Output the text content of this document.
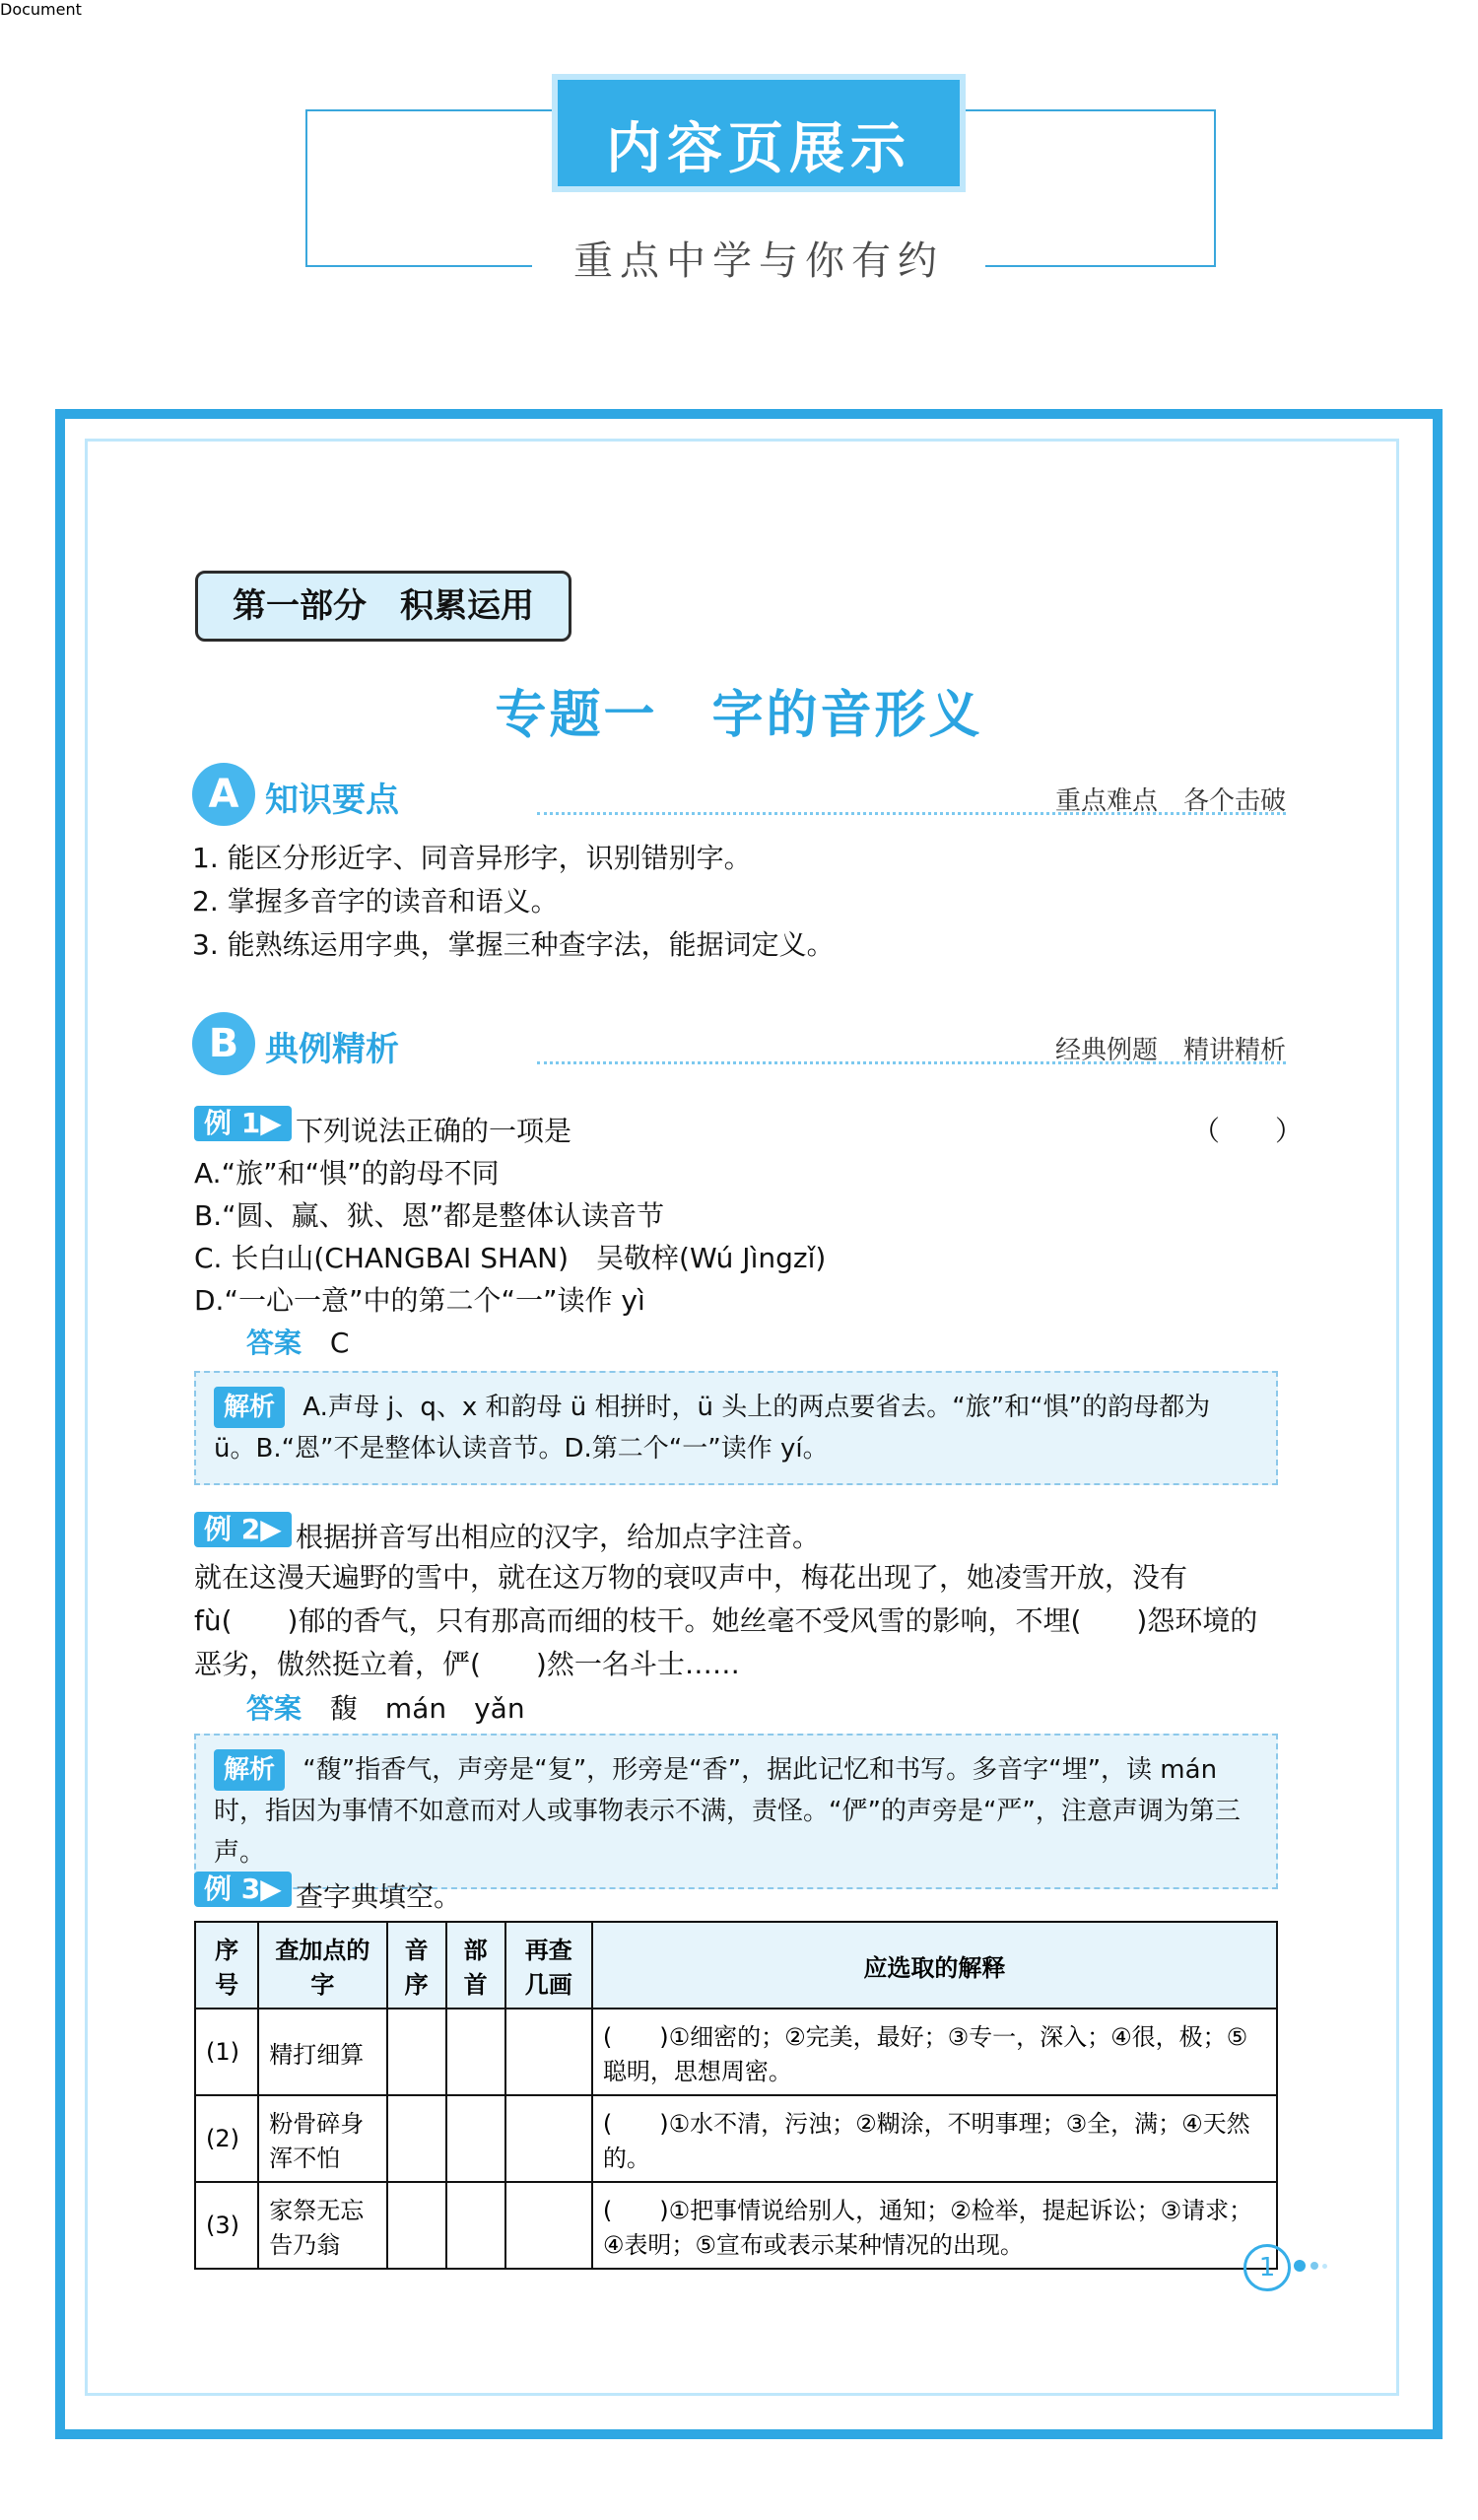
Document
内容页展示
重点中学与你有约
第一部分　积累运用
专题一　字的音形义
A 知识要点	重点难点　各个击破
1. 能区分形近字、同音异形字，识别错别字。
2. 掌握多音字的读音和语义。
3. 能熟练运用字典，掌握三种查字法，能据词定义。
B 典例精析	经典例题　精讲精析
例 1▶ 下列说法正确的一项是	（　　）
A.“旅”和“惧”的韵母不同
B.“圆、赢、狱、恩”都是整体认读音节
C. 长白山(CHANGBAI SHAN)　吴敬梓(Wú Jìngzǐ)
D.“一心一意”中的第二个“一”读作 yì
答案 C
解析 A.声母 j、q、x 和韵母 ü 相拼时，ü 头上的两点要省去。“旅”和“惧”的韵母都为 ü。B.“恩”不是整体认读音节。D.第二个“一”读作 yí。
例 2▶ 根据拼音写出相应的汉字，给加点字注音。
就在这漫天遍野的雪中，就在这万物的衰叹声中，梅花出现了，她凌雪开放，没有 fù(　　)郁的香气，只有那高而细的枝干。她丝毫不受风雪的影响，不埋(　　)怨环境的恶劣，傲然挺立着，俨(　　)然一名斗士……
答案 馥　mán　yǎn
解析 “馥”指香气，声旁是“复”，形旁是“香”，据此记忆和书写。多音字“埋”，读 mán 时，指因为事情不如意而对人或事物表示不满，责怪。“俨”的声旁是“严”，注意声调为第三声。
例 3▶ 查字典填空。
序号	查加点的字	音序	部首	再查几画	应选取的解释
(1)	精打细算				(　　)①细密的；②完美，最好；③专一，深入；④很，极；⑤聪明，思想周密。
(2)	粉骨碎身浑不怕				(　　)①水不清，污浊；②糊涂，不明事理；③全，满；④天然的。
(3)	家祭无忘告乃翁				(　　)①把事情说给别人，通知；②检举，提起诉讼；③请求；④表明；⑤宣布或表示某种情况的出现。
1
